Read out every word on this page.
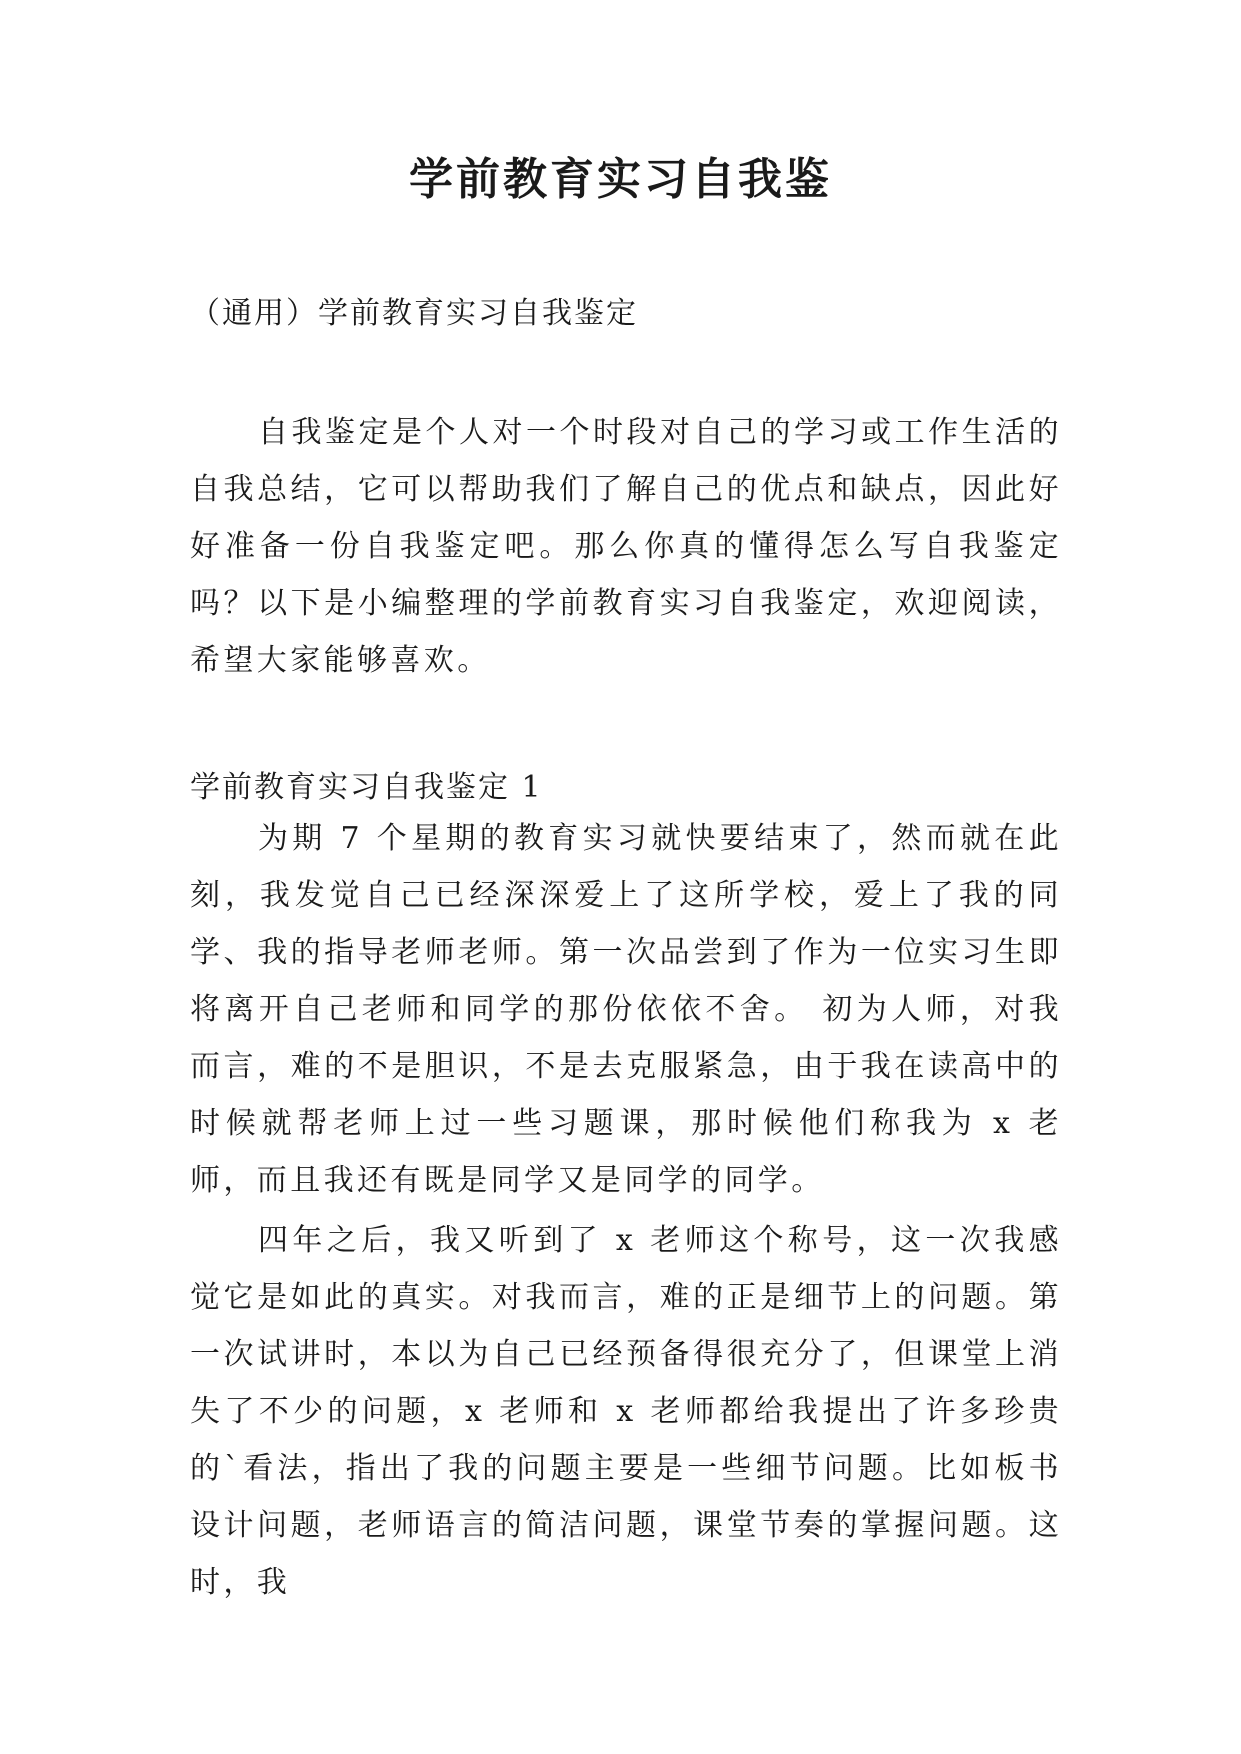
学前教育实习自我鉴

（通用）学前教育实习自我鉴定

自我鉴定是个人对一个时段对自己的学习或工作生活的自我总结，它可以帮助我们了解自己的优点和缺点，因此好好准备一份自我鉴定吧。那么你真的懂得怎么写自我鉴定吗？以下是小编整理的学前教育实习自我鉴定，欢迎阅读，希望大家能够喜欢。

学前教育实习自我鉴定 1

为期 7 个星期的教育实习就快要结束了，然而就在此刻，我发觉自己已经深深爱上了这所学校，爱上了我的同学、我的指导老师老师。第一次品尝到了作为一位实习生即将离开自己老师和同学的那份依依不舍。 初为人师，对我而言，难的不是胆识，不是去克服紧急，由于我在读高中的时候就帮老师上过一些习题课，那时候他们称我为 x 老师，而且我还有既是同学又是同学的同学。

四年之后，我又听到了 x 老师这个称号，这一次我感觉它是如此的真实。对我而言，难的正是细节上的问题。第一次试讲时，本以为自己已经预备得很充分了，但课堂上消失了不少的问题，x 老师和 x 老师都给我提出了许多珍贵的`看法，指出了我的问题主要是一些细节问题。比如板书设计问题，老师语言的简洁问题，课堂节奏的掌握问题。这时，我
